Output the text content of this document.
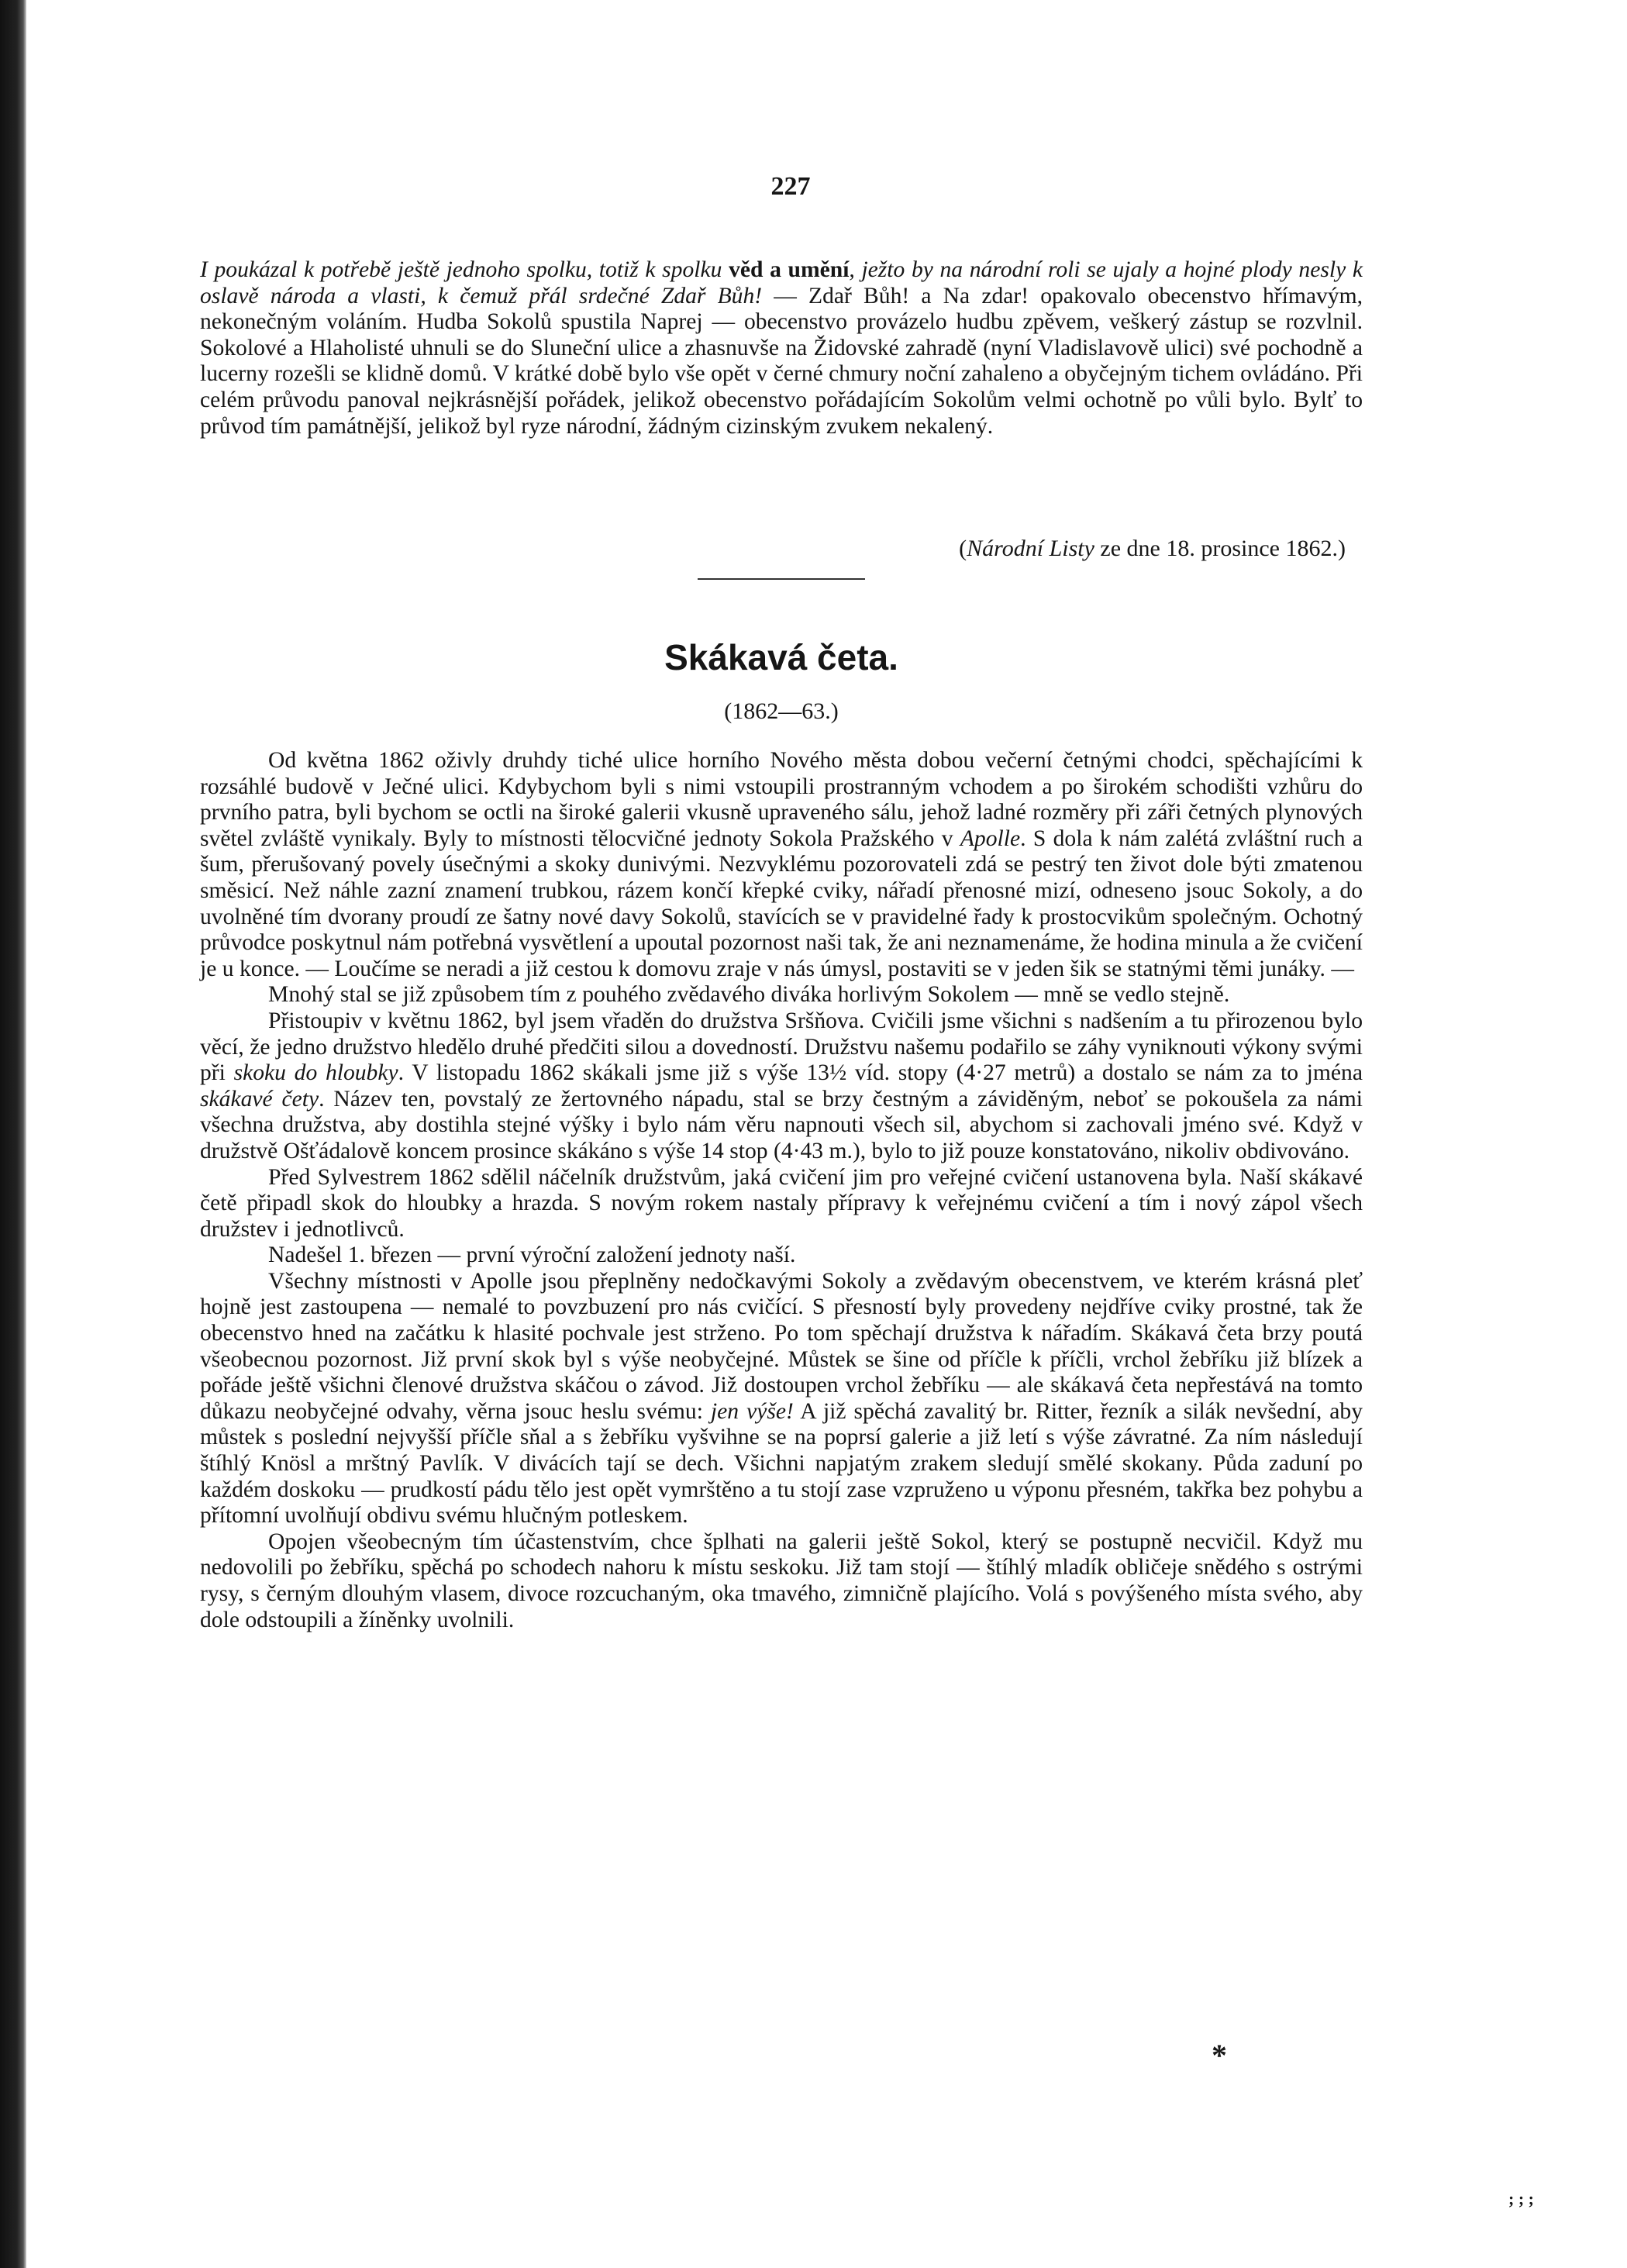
227

I poukázal k potřebě ještě jednoho spolku, totiž k spolku věd a umění, ježto by na národní roli se ujaly a hojné plody nesly k oslavě národa a vlasti, k čemuž přál srdečné Zdař Bůh! — Zdař Bůh! a Na zdar! opakovalo obecenstvo hřímavým, nekonečným voláním. Hudba Sokolů spustila Naprej — obecenstvo provázelo hudbu zpěvem, veškerý zástup se rozvlnil. Sokolové a Hlaholisté uhnuli se do Sluneční ulice a zhasnuvše na Židovské zahradě (nyní Vladislavově ulici) své pochodně a lucerny rozešli se klidně domů. V krátké době bylo vše opět v černé chmury noční zahaleno a obyčejným tichem ovládáno. Při celém průvodu panoval nejkrásnější pořádek, jelikož obecenstvo pořádajícím Sokolům velmi ochotně po vůli bylo. Bylť to průvod tím památnější, jelikož byl ryze národní, žádným cizinským zvukem nekalený.

(Národní Listy ze dne 18. prosince 1862.)
Skákavá četa.
(1862—63.)

Od května 1862 oživly druhdy tiché ulice horního Nového města dobou večerní četnými chodci, spěchajícími k rozsáhlé budově v Ječné ulici. Kdybychom byli s nimi vstoupili prostranným vchodem a po širokém schodišti vzhůru do prvního patra, byli bychom se octli na široké galerii vkusně upraveného sálu, jehož ladné rozměry při záři četných plynových světel zvláště vynikaly. Byly to místnosti tělocvičné jednoty Sokola Pražského v Apolle. S dola k nám zalétá zvláštní ruch a šum, přerušovaný povely úsečnými a skoky dunivými. Nezvyklému pozorovateli zdá se pestrý ten život dole býti zmatenou směsicí. Než náhle zazní znamení trubkou, rázem končí křepké cviky, nářadí přenosné mizí, odneseno jsouc Sokoly, a do uvolněné tím dvorany proudí ze šatny nové davy Sokolů, stavících se v pravidelné řady k prostocvikům společným. Ochotný průvodce poskytnul nám potřebná vysvětlení a upoutal pozornost naši tak, že ani neznamenáme, že hodina minula a že cvičení je u konce. — Loučíme se neradi a již cestou k domovu zraje v nás úmysl, postaviti se v jeden šik se statnými těmi junáky. —

Mnohý stal se již způsobem tím z pouhého zvědavého diváka horlivým Sokolem — mně se vedlo stejně.

Přistoupiv v květnu 1862, byl jsem vřaděn do družstva Sršňova. Cvičili jsme všichni s nadšením a tu přirozenou bylo věcí, že jedno družstvo hledělo druhé předčiti silou a dovedností. Družstvu našemu podařilo se záhy vyniknouti výkony svými při skoku do hloubky. V listopadu 1862 skákali jsme již s výše 13½ víd. stopy (4·27 metrů) a dostalo se nám za to jména skákavé čety. Název ten, povstalý ze žertovného nápadu, stal se brzy čestným a záviděným, neboť se pokoušela za námi všechna družstva, aby dostihla stejné výšky i bylo nám věru napnouti všech sil, abychom si zachovali jméno své. Když v družstvě Ošťádalově koncem prosince skákáno s výše 14 stop (4·43 m.), bylo to již pouze konstatováno, nikoliv obdivováno.

Před Sylvestrem 1862 sdělil náčelník družstvům, jaká cvičení jim pro veřejné cvičení ustanovena byla. Naší skákavé četě připadl skok do hloubky a hrazda. S novým rokem nastaly přípravy k veřejnému cvičení a tím i nový zápol všech družstev i jednotlivců.

Nadešel 1. březen — první výroční založení jednoty naší.

Všechny místnosti v Apolle jsou přeplněny nedočkavými Sokoly a zvědavým obecenstvem, ve kterém krásná pleť hojně jest zastoupena — nemalé to povzbuzení pro nás cvičící. S přesností byly provedeny nejdříve cviky prostné, tak že obecenstvo hned na začátku k hlasité pochvale jest strženo. Po tom spěchají družstva k nářadím. Skákavá četa brzy poutá všeobecnou pozornost. Již první skok byl s výše neobyčejné. Můstek se šine od příčle k příčli, vrchol žebříku již blízek a pořáde ještě všichni členové družstva skáčou o závod. Již dostoupen vrchol žebříku — ale skákavá četa nepřestává na tomto důkazu neobyčejné odvahy, věrna jsouc heslu svému: jen výše! A již spěchá zavalitý br. Ritter, řezník a silák nevšední, aby můstek s poslední nejvyšší příčle sňal a s žebříku vyšvihne se na poprsí galerie a již letí s výše závratné. Za ním následují štíhlý Knösl a mrštný Pavlík. V divácích tají se dech. Všichni napjatým zrakem sledují smělé skokany. Půda zaduní po každém doskoku — prudkostí pádu tělo jest opět vymrštěno a tu stojí zase vzpruženo u výponu přesném, takřka bez pohybu a přítomní uvolňují obdivu svému hlučným potleskem.

Opojen všeobecným tím účastenstvím, chce šplhati na galerii ještě Sokol, který se postupně necvičil. Když mu nedovolili po žebříku, spěchá po schodech nahoru k místu seskoku. Již tam stojí — štíhlý mladík obličeje snědého s ostrými rysy, s černým dlouhým vlasem, divoce rozcuchaným, oka tmavého, zimničně plajícího. Volá s povýšeného místa svého, aby dole odstoupili a žíněnky uvolnili.

*
; ; ;
